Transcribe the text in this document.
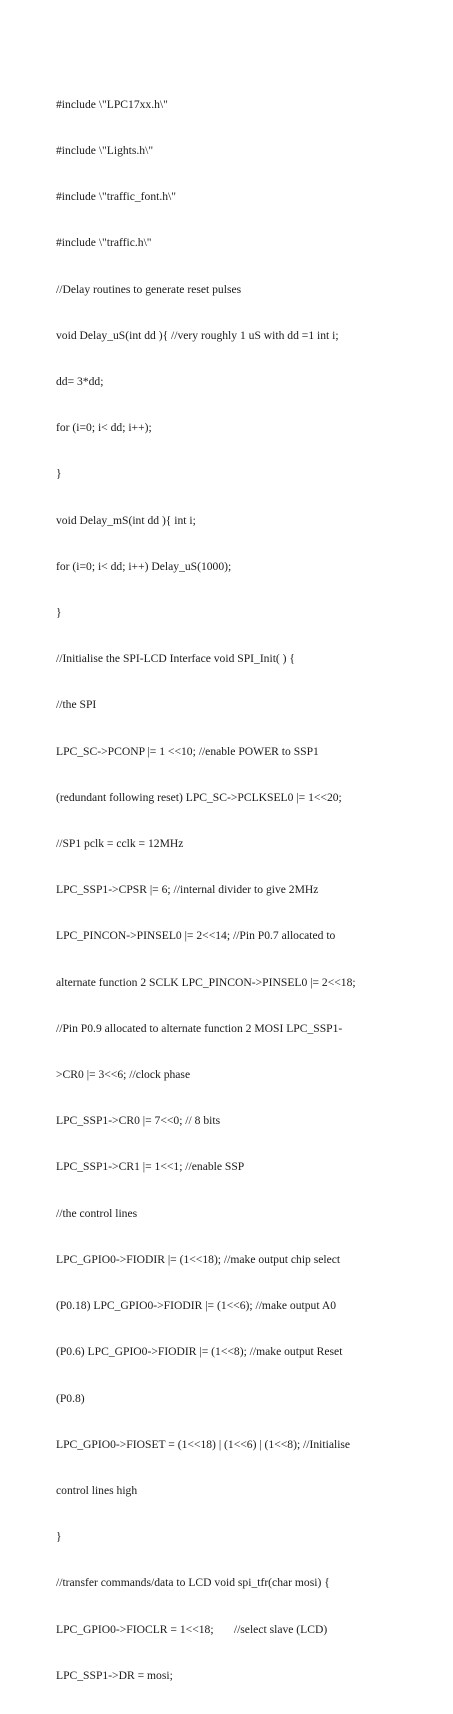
#include \"LPC17xx.h\"

#include \"Lights.h\"

#include \"traffic_font.h\"

#include \"traffic.h\"

//Delay routines to generate reset pulses

void Delay_uS(int dd ){ //very roughly 1 uS with dd =1 int i;

dd= 3*dd;

for (i=0; i< dd; i++);

}

void Delay_mS(int dd ){ int i;

for (i=0; i< dd; i++) Delay_uS(1000);

}

//Initialise the SPI-LCD Interface void SPI_Init( ) {

//the SPI

LPC_SC->PCONP |= 1 <<10; //enable POWER to SSP1

(redundant following reset) LPC_SC->PCLKSEL0 |= 1<<20;

//SP1 pclk = cclk = 12MHz

LPC_SSP1->CPSR |= 6; //internal divider to give 2MHz

LPC_PINCON->PINSEL0 |= 2<<14; //Pin P0.7 allocated to

alternate function 2 SCLK LPC_PINCON->PINSEL0 |= 2<<18;

//Pin P0.9 allocated to alternate function 2 MOSI LPC_SSP1-

>CR0 |= 3<<6; //clock phase

LPC_SSP1->CR0 |= 7<<0; // 8 bits

LPC_SSP1->CR1 |= 1<<1; //enable SSP

//the control lines

LPC_GPIO0->FIODIR |= (1<<18); //make output chip select

(P0.18) LPC_GPIO0->FIODIR |= (1<<6); //make output A0

(P0.6) LPC_GPIO0->FIODIR |= (1<<8); //make output Reset

(P0.8)

LPC_GPIO0->FIOSET = (1<<18) | (1<<6) | (1<<8); //Initialise

control lines high

}

//transfer commands/data to LCD void spi_tfr(char mosi) {

LPC_GPIO0->FIOCLR = 1<<18;       //select slave (LCD)

LPC_SSP1->DR = mosi;
